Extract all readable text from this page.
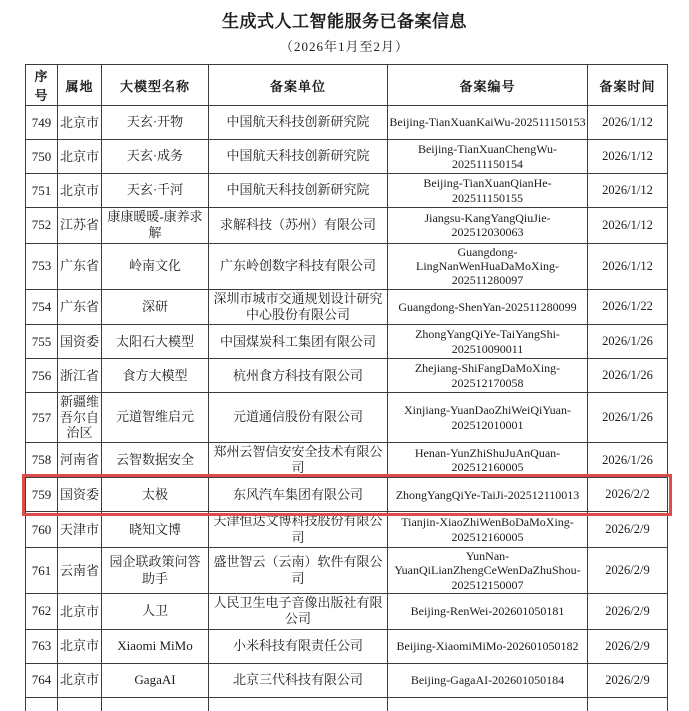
生成式人工智能服务已备案信息
（2026年1月至2月）
序号	属地	大模型名称	备案单位	备案编号	备案时间
749	北京市	天玄·开物	中国航天科技创新研究院	Beijing-TianXuanKaiWu-202511150153	2026/1/12
750	北京市	天玄·成务	中国航天科技创新研究院	Beijing-TianXuanChengWu-202511150154	2026/1/12
751	北京市	天玄·千河	中国航天科技创新研究院	Beijing-TianXuanQianHe-202511150155	2026/1/12
752	江苏省	康康暖暖-康养求解	求解科技（苏州）有限公司	Jiangsu-KangYangQiuJie-202512030063	2026/1/12
753	广东省	岭南文化	广东岭创数字科技有限公司	Guangdong-LingNanWenHuaDaMoXing-202511280097	2026/1/12
754	广东省	深研	深圳市城市交通规划设计研究中心股份有限公司	Guangdong-ShenYan-202511280099	2026/1/22
755	国资委	太阳石大模型	中国煤炭科工集团有限公司	ZhongYangQiYe-TaiYangShi-202510090011	2026/1/26
756	浙江省	食方大模型	杭州食方科技有限公司	Zhejiang-ShiFangDaMoXing-202512170058	2026/1/26
757	新疆维吾尔自治区	元道智维启元	元道通信股份有限公司	Xinjiang-YuanDaoZhiWeiQiYuan-202512010001	2026/1/26
758	河南省	云智数据安全	郑州云智信安安全技术有限公司	Henan-YunZhiShuJuAnQuan-202512160005	2026/1/26
759	国资委	太极	东风汽车集团有限公司	ZhongYangQiYe-TaiJi-202512110013	2026/2/2
760	天津市	晓知文博	天津恒达文博科技股份有限公司	Tianjin-XiaoZhiWenBoDaMoXing-202512160005	2026/2/9
761	云南省	园企联政策问答助手	盛世智云（云南）软件有限公司	YunNan-YuanQiLianZhengCeWenDaZhuShou-202512150007	2026/2/9
762	北京市	人卫	人民卫生电子音像出版社有限公司	Beijing-RenWei-202601050181	2026/2/9
763	北京市	Xiaomi MiMo	小米科技有限责任公司	Beijing-XiaomiMiMo-202601050182	2026/2/9
764	北京市	GagaAI	北京三代科技有限公司	Beijing-GagaAI-202601050184	2026/2/9
